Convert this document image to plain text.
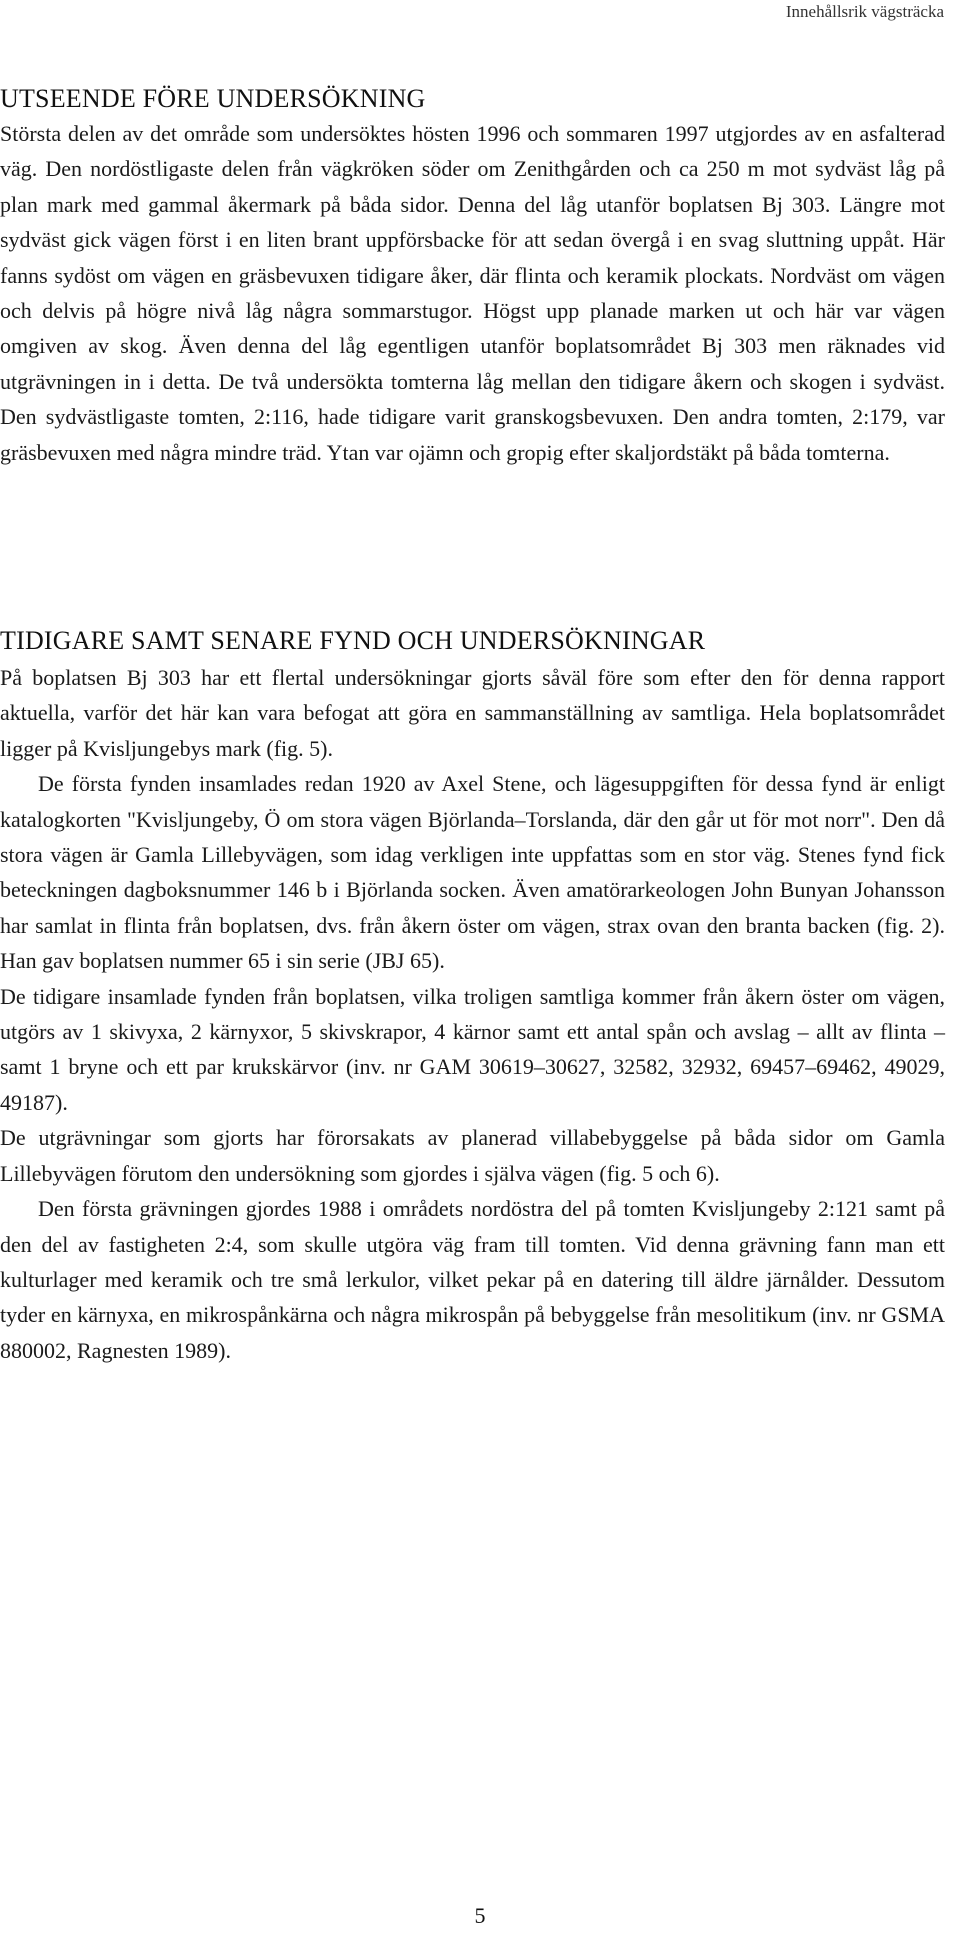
Innehållsrik vägsträcka
UTSEENDE FÖRE UNDERSÖKNING

Största delen av det område som undersöktes hösten 1996 och sommaren 1997 utgjordes av en asfalterad väg. Den nordöstligaste delen från vägkröken söder om Zenithgården och ca 250 m mot sydväst låg på plan mark med gammal åkermark på båda sidor. Denna del låg utanför boplatsen Bj 303. Längre mot sydväst gick vägen först i en liten brant uppförsbacke för att sedan övergå i en svag sluttning uppåt. Här fanns sydöst om vägen en gräsbevuxen tidigare åker, där flinta och keramik plockats. Nordväst om vägen och delvis på högre nivå låg några sommarstugor. Högst upp planade marken ut och här var vägen omgiven av skog. Även denna del låg egentligen utanför boplatsområdet Bj 303 men räknades vid utgrävningen in i detta. De två undersökta tomterna låg mellan den tidigare åkern och skogen i sydväst. Den sydvästligaste tomten, 2:116, hade tidigare varit granskogsbevuxen. Den andra tomten, 2:179, var gräsbevuxen med några mindre träd. Ytan var ojämn och gropig efter skaljordstäkt på båda tomterna.

TIDIGARE SAMT SENARE FYND OCH UNDERSÖKNINGAR

På boplatsen Bj 303 har ett flertal undersökningar gjorts såväl före som efter den för denna rapport aktuella, varför det här kan vara befogat att göra en sammanställning av samtliga. Hela boplatsområdet ligger på Kvisljungebys mark (fig. 5).

De första fynden insamlades redan 1920 av Axel Stene, och lägesuppgiften för dessa fynd är enligt katalogkorten "Kvisljungeby, Ö om stora vägen Björlanda–Torslanda, där den går ut för mot norr". Den då stora vägen är Gamla Lillebyvägen, som idag verkligen inte uppfattas som en stor väg. Stenes fynd fick beteckningen dagboksnummer 146 b i Björlanda socken. Även amatörarkeologen John Bunyan Johansson har samlat in flinta från boplatsen, dvs. från åkern öster om vägen, strax ovan den branta backen (fig. 2). Han gav boplatsen nummer 65 i sin serie (JBJ 65).

De tidigare insamlade fynden från boplatsen, vilka troligen samtliga kommer från åkern öster om vägen, utgörs av 1 skivyxa, 2 kärnyxor, 5 skivskrapor, 4 kärnor samt ett antal spån och avslag – allt av flinta – samt 1 bryne och ett par krukskärvor (inv. nr GAM 30619–30627, 32582, 32932, 69457–69462, 49029, 49187).

De utgrävningar som gjorts har förorsakats av planerad villabebyggelse på båda sidor om Gamla Lillebyvägen förutom den undersökning som gjordes i själva vägen (fig. 5 och 6).

Den första grävningen gjordes 1988 i områdets nordöstra del på tomten Kvisljungeby 2:121 samt på den del av fastigheten 2:4, som skulle utgöra väg fram till tomten. Vid denna grävning fann man ett kulturlager med keramik och tre små lerkulor, vilket pekar på en datering till äldre järnålder. Dessutom tyder en kärnyxa, en mikrospånkärna och några mikrospån på bebyggelse från mesolitikum (inv. nr GSMA 880002, Ragnesten 1989).

5
